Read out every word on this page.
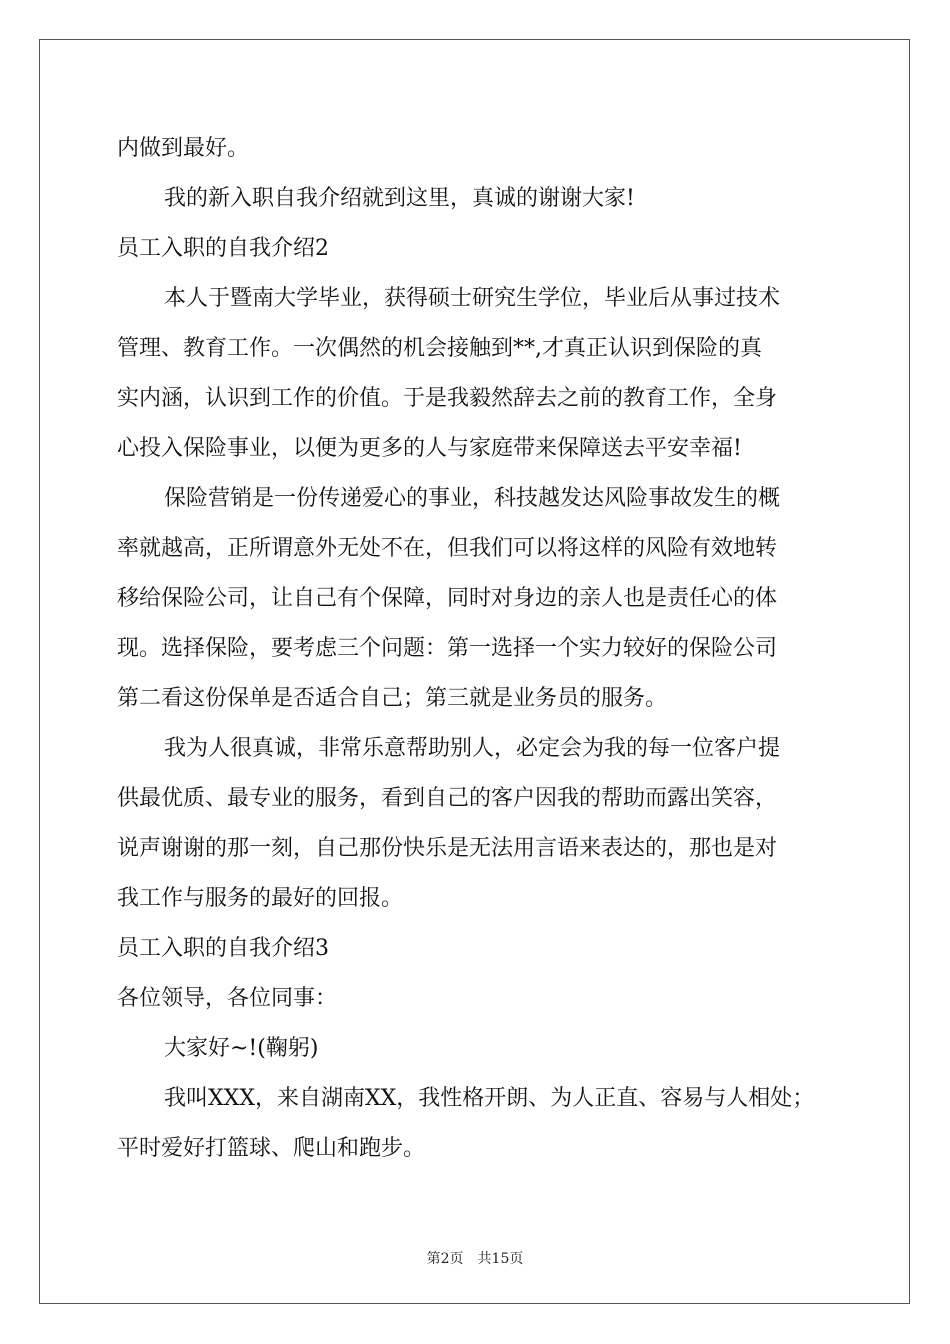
内做到最好。
我的新入职自我介绍就到这里，真诚的谢谢大家!
员工入职的自我介绍2
本人于暨南大学毕业，获得硕士研究生学位，毕业后从事过技术
管理、教育工作。一次偶然的机会接触到**,才真正认识到保险的真
实内涵，认识到工作的价值。于是我毅然辞去之前的教育工作，全身
心投入保险事业，以便为更多的人与家庭带来保障送去平安幸福!
保险营销是一份传递爱心的事业，科技越发达风险事故发生的概
率就越高，正所谓意外无处不在，但我们可以将这样的风险有效地转
移给保险公司，让自己有个保障，同时对身边的亲人也是责任心的体
现。选择保险，要考虑三个问题：第一选择一个实力较好的保险公司
第二看这份保单是否适合自己；第三就是业务员的服务。
我为人很真诚，非常乐意帮助别人，必定会为我的每一位客户提
供最优质、最专业的服务，看到自己的客户因我的帮助而露出笑容，
说声谢谢的那一刻，自己那份快乐是无法用言语来表达的，那也是对
我工作与服务的最好的回报。
员工入职的自我介绍3
各位领导，各位同事：
大家好~!(鞠躬)
我叫XXX，来自湖南XX，我性格开朗、为人正直、容易与人相处；
平时爱好打篮球、爬山和跑步。
第2页 共15页
